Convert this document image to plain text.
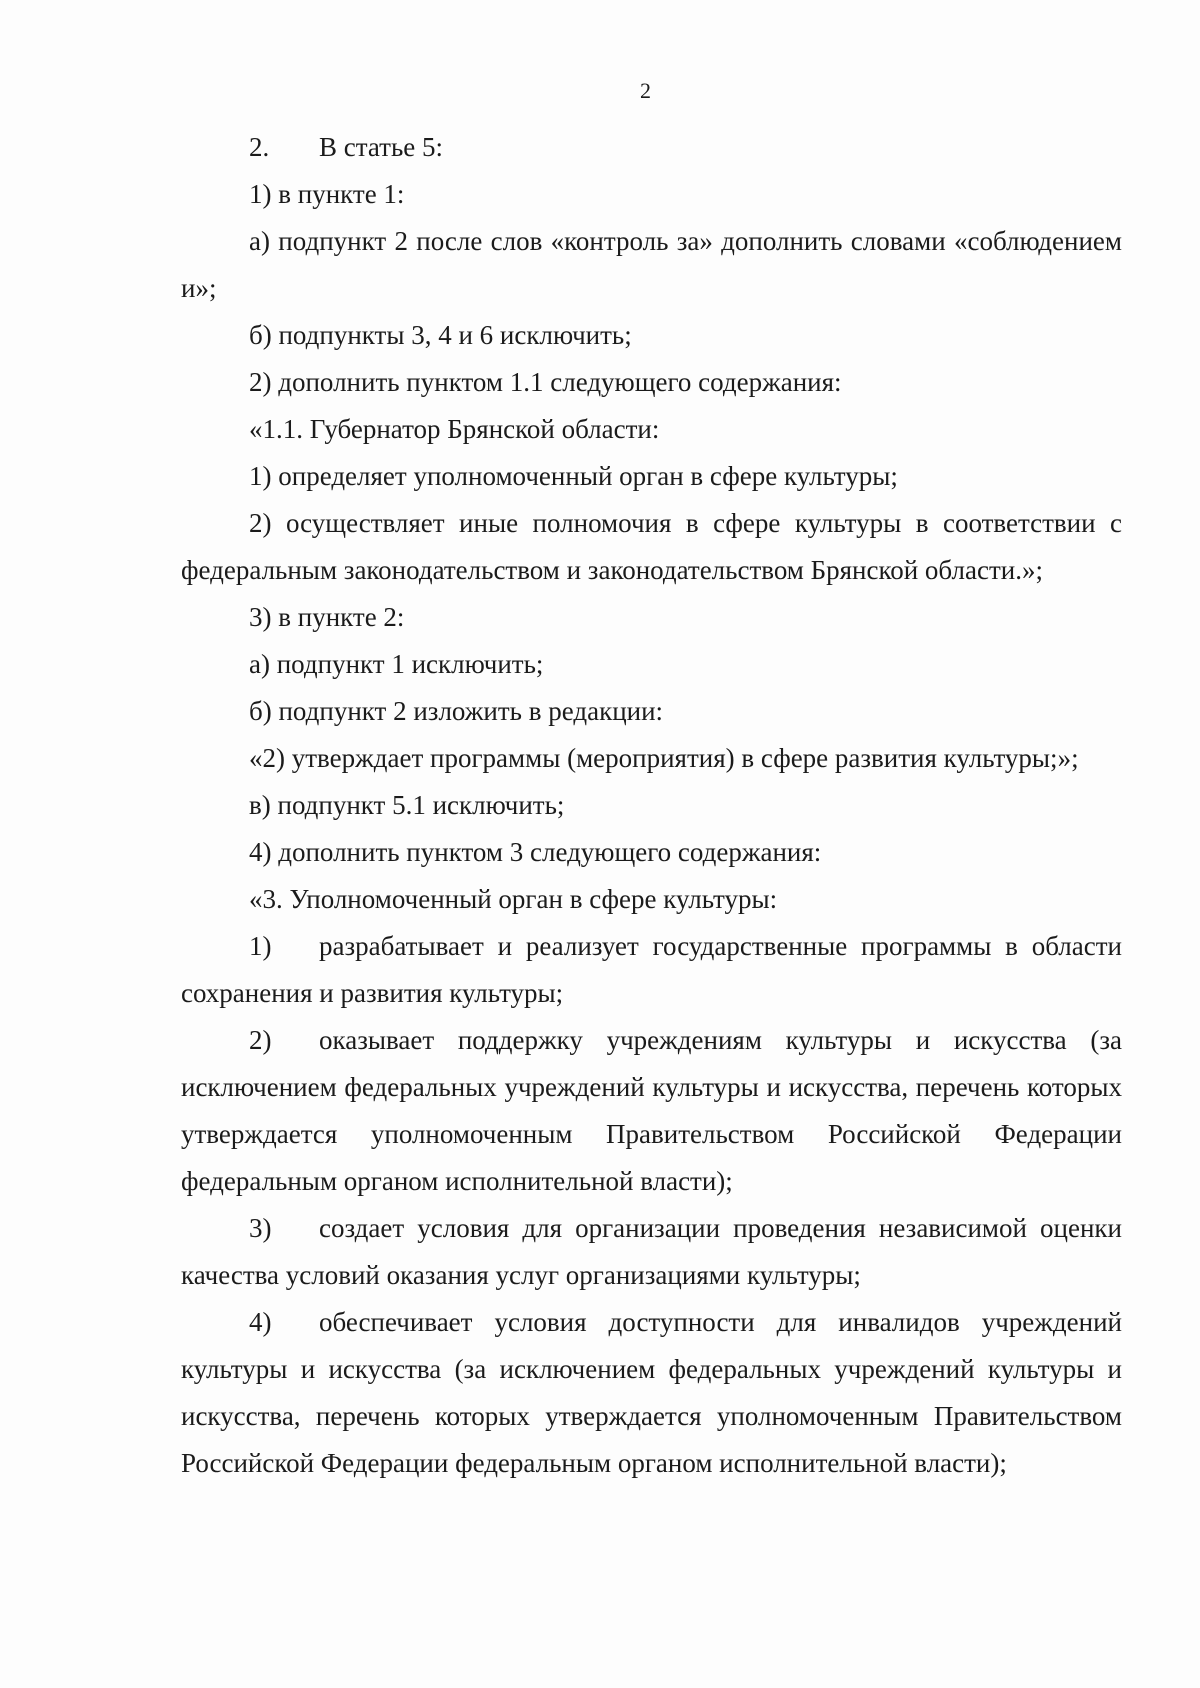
2

2. В статье 5:

1) в пункте 1:

а) подпункт 2 после слов «контроль за» дополнить словами «соблюдением и»;

б) подпункты 3, 4 и 6 исключить;

2) дополнить пунктом 1.1 следующего содержания:

«1.1. Губернатор Брянской области:

1) определяет уполномоченный орган в сфере культуры;

2) осуществляет иные полномочия в сфере культуры в соответствии с федеральным законодательством и законодательством Брянской области.»;

3) в пункте 2:

а) подпункт 1 исключить;

б) подпункт 2 изложить в редакции:

«2) утверждает программы (мероприятия) в сфере развития культуры;»;

в) подпункт 5.1 исключить;

4) дополнить пунктом 3 следующего содержания:

«3. Уполномоченный орган в сфере культуры:

1) разрабатывает и реализует государственные программы в области сохранения и развития культуры;

2) оказывает поддержку учреждениям культуры и искусства (за исключением федеральных учреждений культуры и искусства, перечень которых утверждается уполномоченным Правительством Российской Федерации федеральным органом исполнительной власти);

3) создает условия для организации проведения независимой оценки качества условий оказания услуг организациями культуры;

4) обеспечивает условия доступности для инвалидов учреждений культуры и искусства (за исключением федеральных учреждений культуры и искусства, перечень которых утверждается уполномоченным Правительством Российской Федерации федеральным органом исполнительной власти);
